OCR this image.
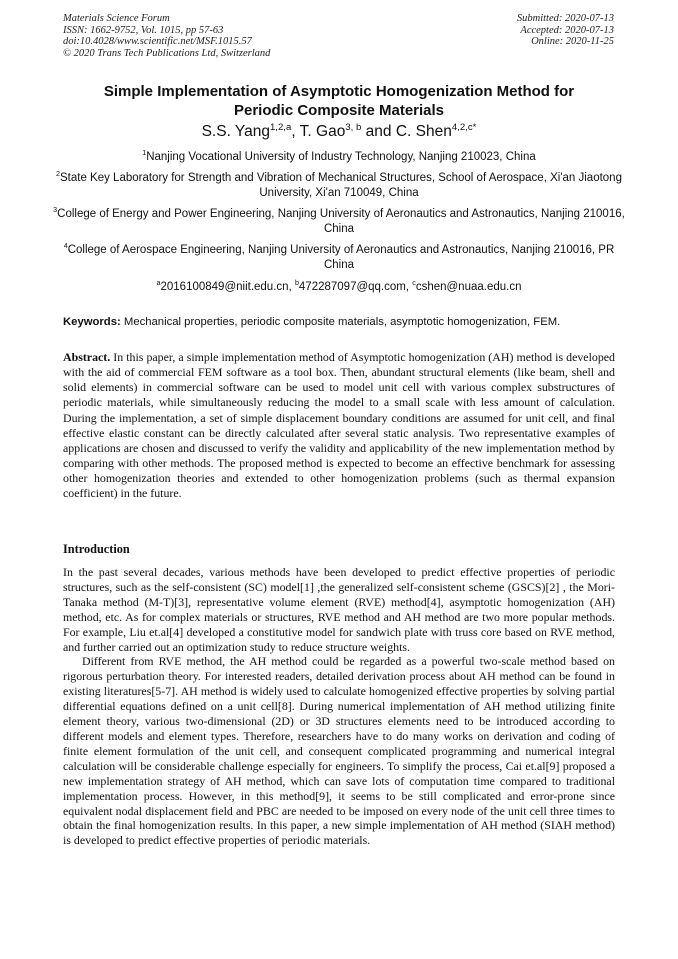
Materials Science Forum
ISSN: 1662-9752, Vol. 1015, pp 57-63
doi:10.4028/www.scientific.net/MSF.1015.57
© 2020 Trans Tech Publications Ltd, Switzerland
Submitted: 2020-07-13
Accepted: 2020-07-13
Online: 2020-11-25
Simple Implementation of Asymptotic Homogenization Method for
Periodic Composite Materials
S.S. Yang$^{1,2,a}$, T. Gao$^{3, b}$ and C. Shen$^{4,2,c*}$
$^1$Nanjing Vocational University of Industry Technology, Nanjing 210023, China
$^2$State Key Laboratory for Strength and Vibration of Mechanical Structures, School of Aerospace, Xi'an Jiaotong University, Xi'an 710049, China
$^3$College of Energy and Power Engineering, Nanjing University of Aeronautics and Astronautics, Nanjing 210016, China
$^4$College of Aerospace Engineering, Nanjing University of Aeronautics and Astronautics, Nanjing 210016, PR China
$^a$2016100849@niit.edu.cn, $^b$472287097@qq.com, $^c$cshen@nuaa.edu.cn
Keywords: Mechanical properties, periodic composite materials, asymptotic homogenization, FEM.
Abstract. In this paper, a simple implementation method of Asymptotic homogenization (AH) method is developed with the aid of commercial FEM software as a tool box. Then, abundant structural elements (like beam, shell and solid elements) in commercial software can be used to model unit cell with various complex substructures of periodic materials, while simultaneously reducing the model to a small scale with less amount of calculation. During the implementation, a set of simple displacement boundary conditions are assumed for unit cell, and final effective elastic constant can be directly calculated after several static analysis. Two representative examples of applications are chosen and discussed to verify the validity and applicability of the new implementation method by comparing with other methods. The proposed method is expected to become an effective benchmark for assessing other homogenization theories and extended to other homogenization problems (such as thermal expansion coefficient) in the future.
Introduction

In the past several decades, various methods have been developed to predict effective properties of periodic structures, such as the self-consistent (SC) model[1] ,the generalized self-consistent scheme (GSCS)[2] , the Mori-Tanaka method (M-T)[3], representative volume element (RVE) method[4], asymptotic homogenization (AH) method, etc. As for complex materials or structures, RVE method and AH method are two more popular methods. For example, Liu et.al[4] developed a constitutive model for sandwich plate with truss core based on RVE method, and further carried out an optimization study to reduce structure weights.

Different from RVE method, the AH method could be regarded as a powerful two-scale method based on rigorous perturbation theory. For interested readers, detailed derivation process about AH method can be found in existing literatures[5-7]. AH method is widely used to calculate homogenized effective properties by solving partial differential equations defined on a unit cell[8]. During numerical implementation of AH method utilizing finite element theory, various two-dimensional (2D) or 3D structures elements need to be introduced according to different models and element types. Therefore, researchers have to do many works on derivation and coding of finite element formulation of the unit cell, and consequent complicated programming and numerical integral calculation will be considerable challenge especially for engineers. To simplify the process, Cai et.al[9] proposed a new implementation strategy of AH method, which can save lots of computation time compared to traditional implementation process. However, in this method[9], it seems to be still complicated and error-prone since equivalent nodal displacement field and PBC are needed to be imposed on every node of the unit cell three times to obtain the final homogenization results. In this paper, a new simple implementation of AH method (SIAH method) is developed to predict effective properties of periodic materials.
